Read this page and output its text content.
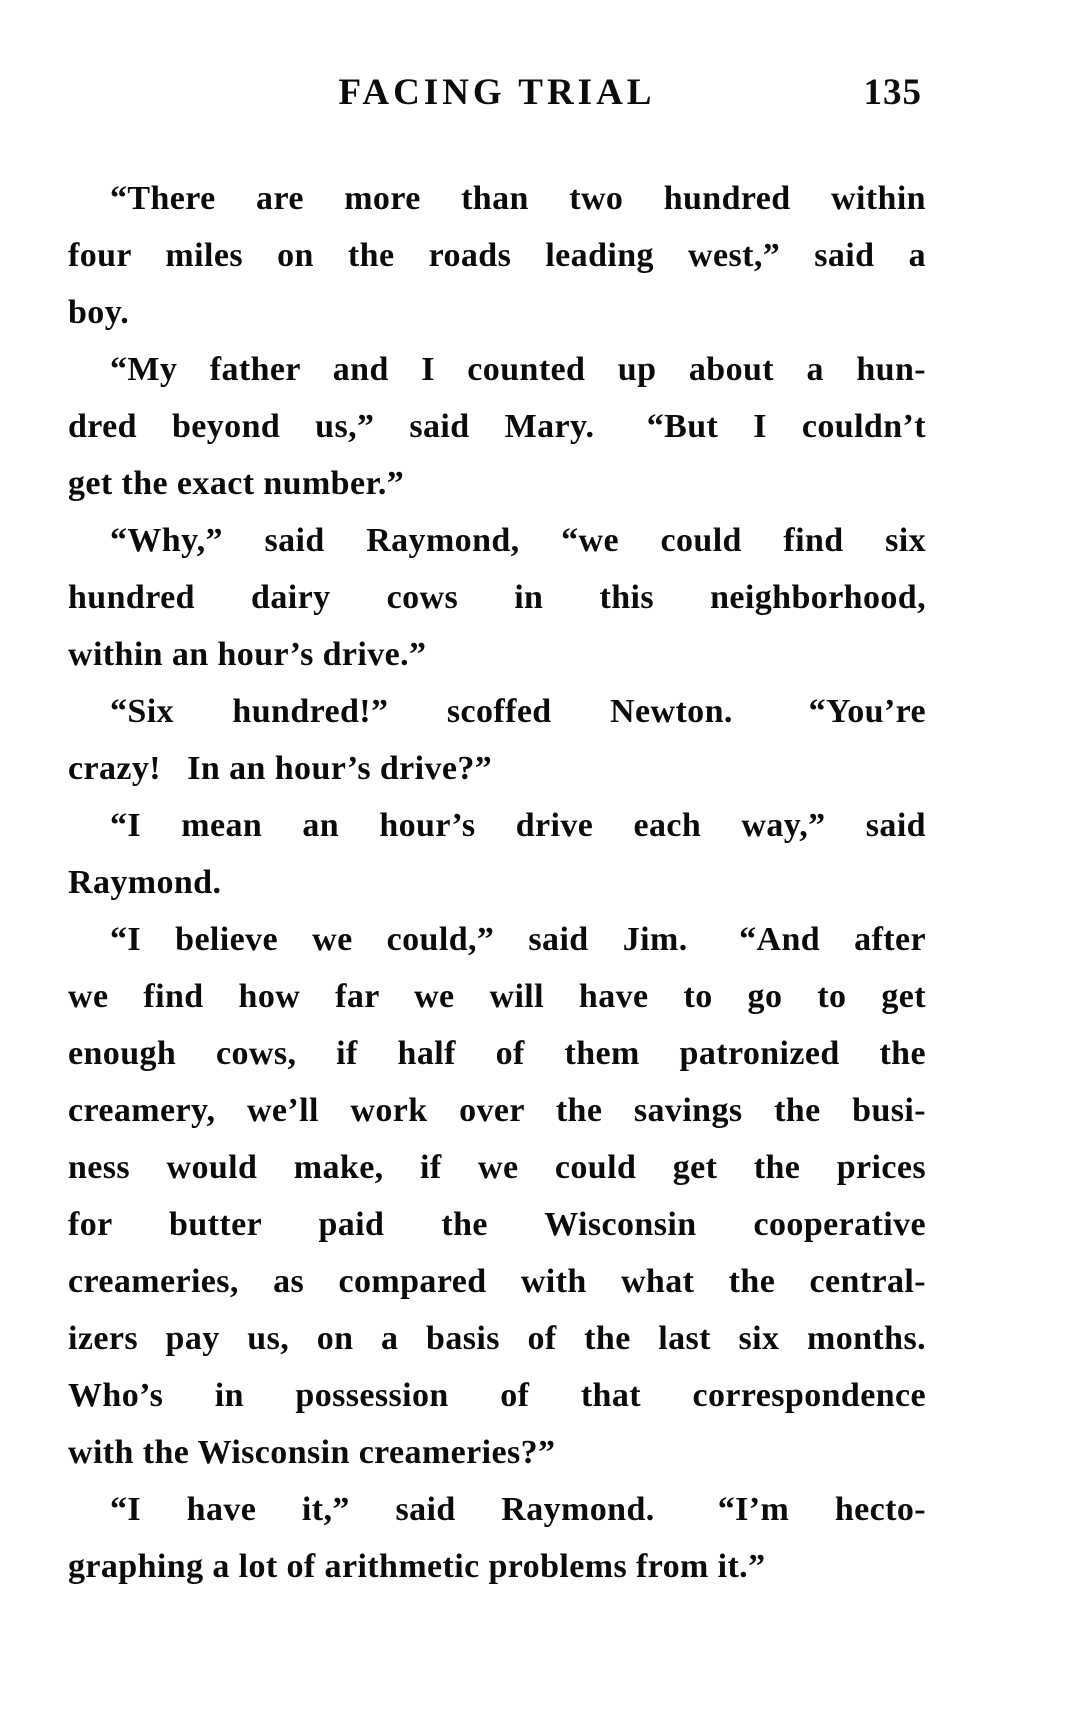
FACING TRIAL	135
“There are more than two hundred within
four miles on the roads leading west,” said a
boy.
“My father and I counted up about a hun-
dred beyond us,” said Mary.  “But I couldn’t
get the exact number.”
“Why,” said Raymond, “we could find six
hundred dairy cows in this neighborhood,
within an hour’s drive.”
“Six hundred!” scoffed Newton.  “You’re
crazy!  In an hour’s drive?”
“I mean an hour’s drive each way,” said
Raymond.
“I believe we could,” said Jim.  “And after
we find how far we will have to go to get
enough cows, if half of them patronized the
creamery, we’ll work over the savings the busi-
ness would make, if we could get the prices
for butter paid the Wisconsin cooperative
creameries, as compared with what the central-
izers pay us, on a basis of the last six months.
Who’s in possession of that correspondence
with the Wisconsin creameries?”
“I have it,” said Raymond.  “I’m hecto-
graphing a lot of arithmetic problems from it.”
